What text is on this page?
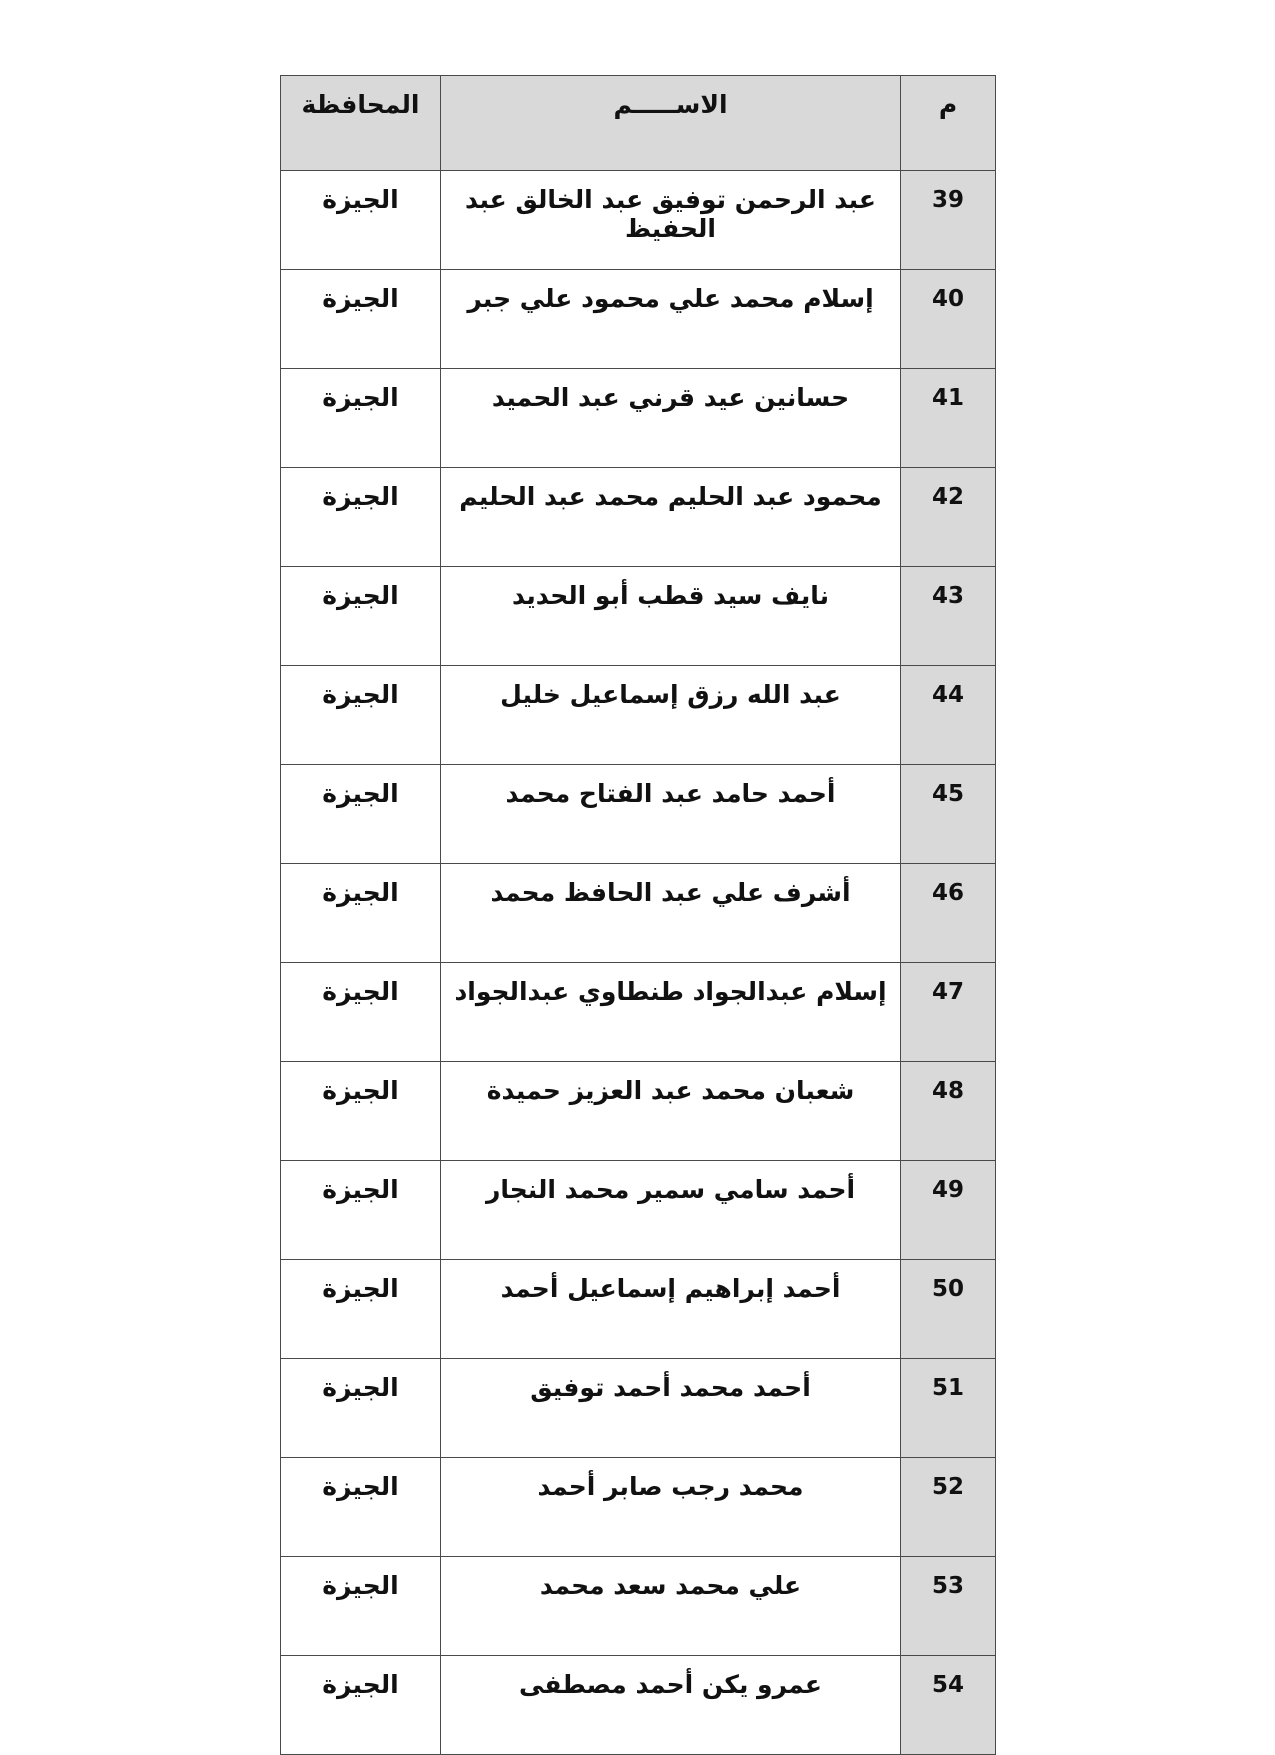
م	الاســـــم	المحافظة
39	عبد الرحمن توفيق عبد الخالق عبد الحفيظ	الجيزة
40	إسلام محمد علي محمود علي جبر	الجيزة
41	حسانين عيد قرني عبد الحميد	الجيزة
42	محمود عبد الحليم محمد عبد الحليم	الجيزة
43	نايف سيد قطب أبو الحديد	الجيزة
44	عبد الله رزق إسماعيل خليل	الجيزة
45	أحمد حامد عبد الفتاح محمد	الجيزة
46	أشرف علي عبد الحافظ محمد	الجيزة
47	إسلام عبدالجواد طنطاوي عبدالجواد	الجيزة
48	شعبان محمد عبد العزيز حميدة	الجيزة
49	أحمد سامي سمير محمد النجار	الجيزة
50	أحمد إبراهيم إسماعيل أحمد	الجيزة
51	أحمد محمد أحمد توفيق	الجيزة
52	محمد رجب صابر أحمد	الجيزة
53	علي محمد سعد محمد	الجيزة
54	عمرو يكن أحمد مصطفى	الجيزة
